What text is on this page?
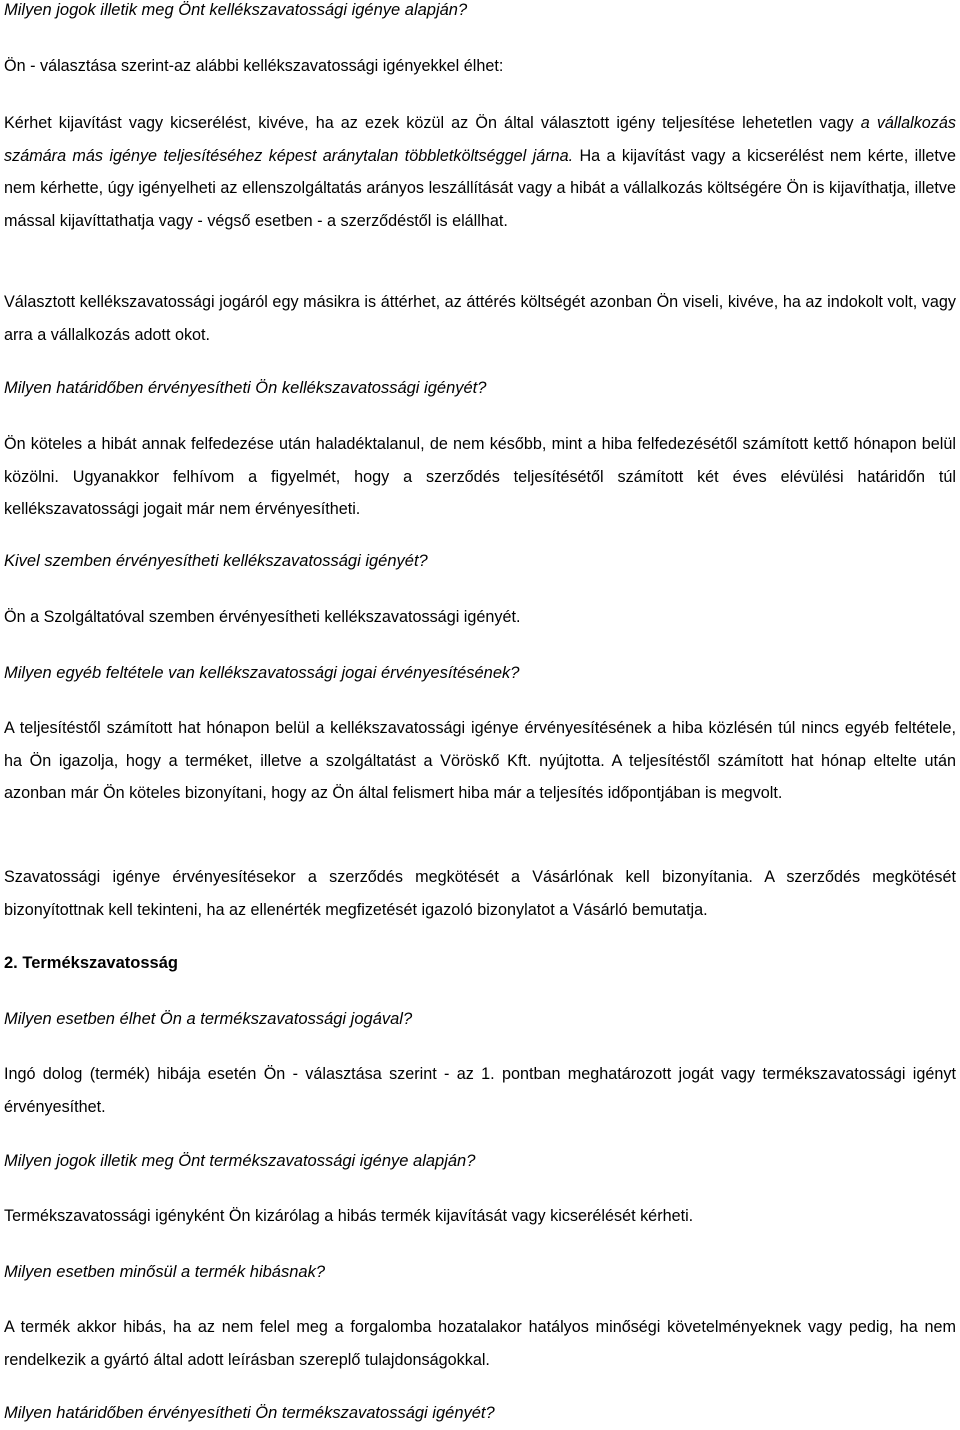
Milyen jogok illetik meg Önt kellékszavatossági igénye alapján?

Ön - választása szerint-az alábbi kellékszavatossági igényekkel élhet:

Kérhet kijavítást vagy kicserélést, kivéve, ha az ezek közül az Ön által választott igény teljesítése lehetetlen vagy a vállalkozás számára más igénye teljesítéséhez képest aránytalan többletköltséggel járna. Ha a kijavítást vagy a kicserélést nem kérte, illetve nem kérhette, úgy igényelheti az ellenszolgáltatás arányos leszállítását vagy a hibát a vállalkozás költségére Ön is kijavíthatja, illetve mással kijavíttathatja vagy - végső esetben - a szerződéstől is elállhat.

Választott kellékszavatossági jogáról egy másikra is áttérhet, az áttérés költségét azonban Ön viseli, kivéve, ha az indokolt volt, vagy arra a vállalkozás adott okot.

Milyen határidőben érvényesítheti Ön kellékszavatossági igényét?

Ön köteles a hibát annak felfedezése után haladéktalanul, de nem később, mint a hiba felfedezésétől számított kettő hónapon belül közölni. Ugyanakkor felhívom a figyelmét, hogy a szerződés teljesítésétől számított két éves elévülési határidőn túl kellékszavatossági jogait már nem érvényesítheti.

Kivel szemben érvényesítheti kellékszavatossági igényét?

Ön a Szolgáltatóval szemben érvényesítheti kellékszavatossági igényét.

Milyen egyéb feltétele van kellékszavatossági jogai érvényesítésének?

A teljesítéstől számított hat hónapon belül a kellékszavatossági igénye érvényesítésének a hiba közlésén túl nincs egyéb feltétele, ha Ön igazolja, hogy a terméket, illetve a szolgáltatást a Vöröskő Kft. nyújtotta. A teljesítéstől számított hat hónap eltelte után azonban már Ön köteles bizonyítani, hogy az Ön által felismert hiba már a teljesítés időpontjában is megvolt.

Szavatossági igénye érvényesítésekor a szerződés megkötését a Vásárlónak kell bizonyítania. A szerződés megkötését bizonyítottnak kell tekinteni, ha az ellenérték megfizetését igazoló bizonylatot a Vásárló bemutatja.

2. Termékszavatosság

Milyen esetben élhet Ön a termékszavatossági jogával?

Ingó dolog (termék) hibája esetén Ön - választása szerint - az 1. pontban meghatározott jogát vagy termékszavatossági igényt érvényesíthet.

Milyen jogok illetik meg Önt termékszavatossági igénye alapján?

Termékszavatossági igényként Ön kizárólag a hibás termék kijavítását vagy kicserélését kérheti.

Milyen esetben minősül a termék hibásnak?

A termék akkor hibás, ha az nem felel meg a forgalomba hozatalakor hatályos minőségi követelményeknek vagy pedig, ha nem rendelkezik a gyártó által adott leírásban szereplő tulajdonságokkal.

Milyen határidőben érvényesítheti Ön termékszavatossági igényét?
